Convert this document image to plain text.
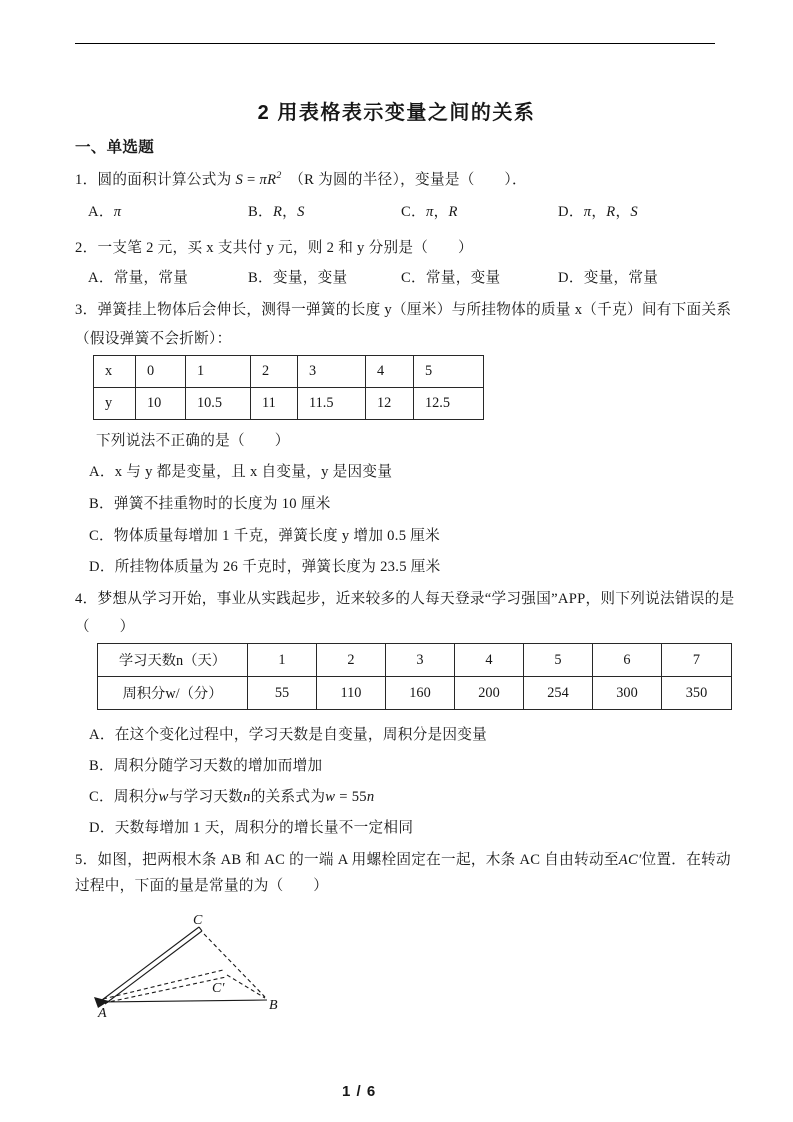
2 用表格表示变量之间的关系
一、单选题
1．圆的面积计算公式为 $S = \pi R^2$　（R 为圆的半径），变量是（　　）．
A．π	B．R，S	C．π，R	D．π，R，S
2．一支笔 2 元，买 x 支共付 y 元，则 2 和 y 分别是（　　）
A．常量，常量	B．变量，变量	C．常量，变量	D．变量，常量
3．弹簧挂上物体后会伸长，测得一弹簧的长度 y（厘米）与所挂物体的质量 x（千克）间有下面关系
（假设弹簧不会折断）：
x	0	1	2	3	4	5
y	10	10.5	11	11.5	12	12.5
下列说法不正确的是（　　）
A．x 与 y 都是变量，且 x 自变量，y 是因变量
B．弹簧不挂重物时的长度为 10 厘米
C．物体质量每增加 1 千克，弹簧长度 y 增加 0.5 厘米
D．所挂物体质量为 26 千克时，弹簧长度为 23.5 厘米
4．梦想从学习开始，事业从实践起步，近来较多的人每天登录“学习强国”APP，则下列说法错误的是
（　　）
学习天数n（天）	1	2	3	4	5	6	7
周积分w/（分）	55	110	160	200	254	300	350
A．在这个变化过程中，学习天数是自变量，周积分是因变量
B．周积分随学习天数的增加而增加
C．周积分w与学习天数n的关系式为w = 55n
D．天数每增加 1 天，周积分的增长量不一定相同
5．如图，把两根木条 AB 和 AC 的一端 A 用螺栓固定在一起，木条 AC 自由转动至AC′位置．在转动
过程中，下面的量是常量的为（　　）
C
C′
A
B
1 / 6
